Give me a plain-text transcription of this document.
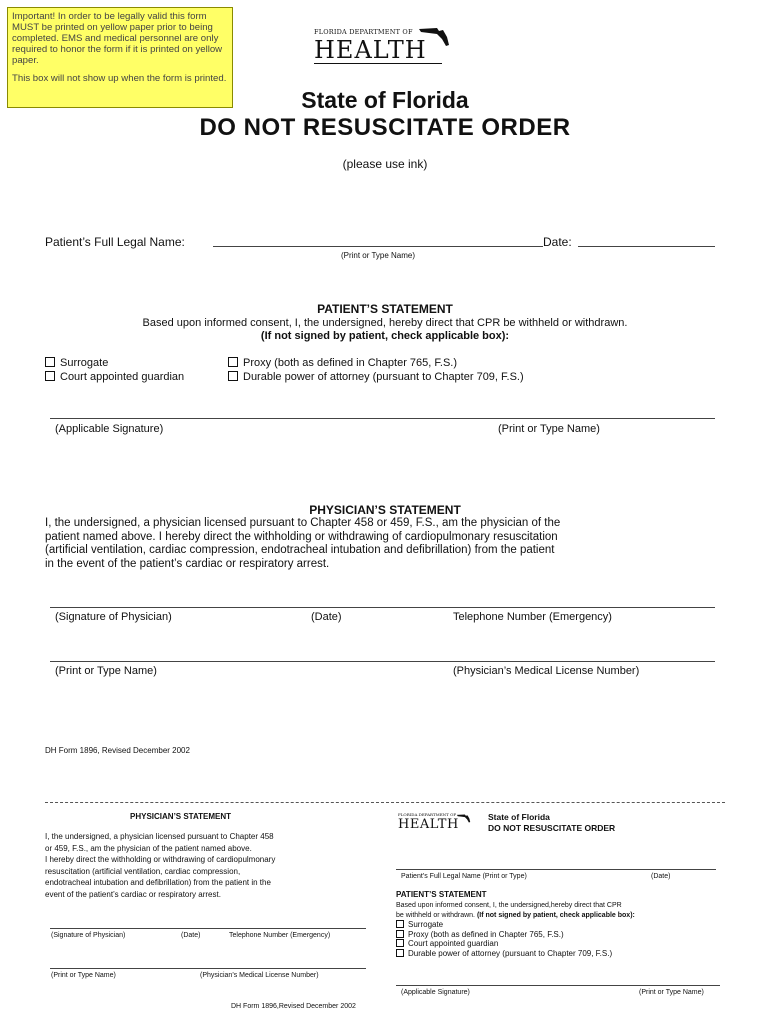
Important! In order to be legally valid this form MUST be printed on yellow paper prior to being completed. EMS and medical personnel are only required to honor the form if it is printed on yellow paper.

This box will not show up when the form is printed.

FLORIDA DEPARTMENT OF
HEALTH
State of Florida
DO NOT RESUSCITATE ORDER
(please use ink)
Patient’s Full Legal Name:	Date:
(Print or Type Name)
PATIENT’S STATEMENT
Based upon informed consent, I, the undersigned, hereby direct that CPR be withheld or withdrawn.
(If not signed by patient, check applicable box):
Surrogate	Proxy (both as defined in Chapter 765, F.S.)
Court appointed guardian	Durable power of attorney (pursuant to Chapter 709, F.S.)
(Applicable Signature)	(Print or Type Name)
PHYSICIAN’S STATEMENT
I, the undersigned, a physician licensed pursuant to Chapter 458 or 459, F.S., am the physician of the
patient named above. I hereby direct the withholding or withdrawing of cardiopulmonary resuscitation
(artificial ventilation, cardiac compression, endotracheal intubation and defibrillation) from the patient
in the event of the patient’s cardiac or respiratory arrest.
(Signature of Physician)	(Date)	Telephone Number (Emergency)
(Print or Type Name)	(Physician’s Medical License Number)
DH Form 1896, Revised December 2002
PHYSICIAN’S STATEMENT
I, the undersigned, a physician licensed pursuant to Chapter 458
or 459, F.S., am the physician of the patient named above.
I hereby direct the withholding or withdrawing of cardiopulmonary
resuscitation (artificial ventilation, cardiac compression,
endotracheal intubation and defibrillation) from the patient in the
event of the patient’s cardiac or respiratory arrest.
(Signature of Physician)	(Date)	Telephone Number (Emergency)
(Print or Type Name)	(Physician’s Medical License Number)
DH Form 1896,Revised December 2002
FLORIDA DEPARTMENT OF
HEALTH	State of Florida
DO NOT RESUSCITATE ORDER
Patient’s Full Legal Name (Print or Type)	(Date)
PATIENT’S STATEMENT
Based upon informed consent, I, the undersigned,hereby direct that CPR
be withheld or withdrawn. (If not signed by patient, check applicable box):
Surrogate
Proxy (both as defined in Chapter 765, F.S.)
Court appointed guardian
Durable power of attorney (pursuant to Chapter 709, F.S.)
(Applicable Signature)	(Print or Type Name)
